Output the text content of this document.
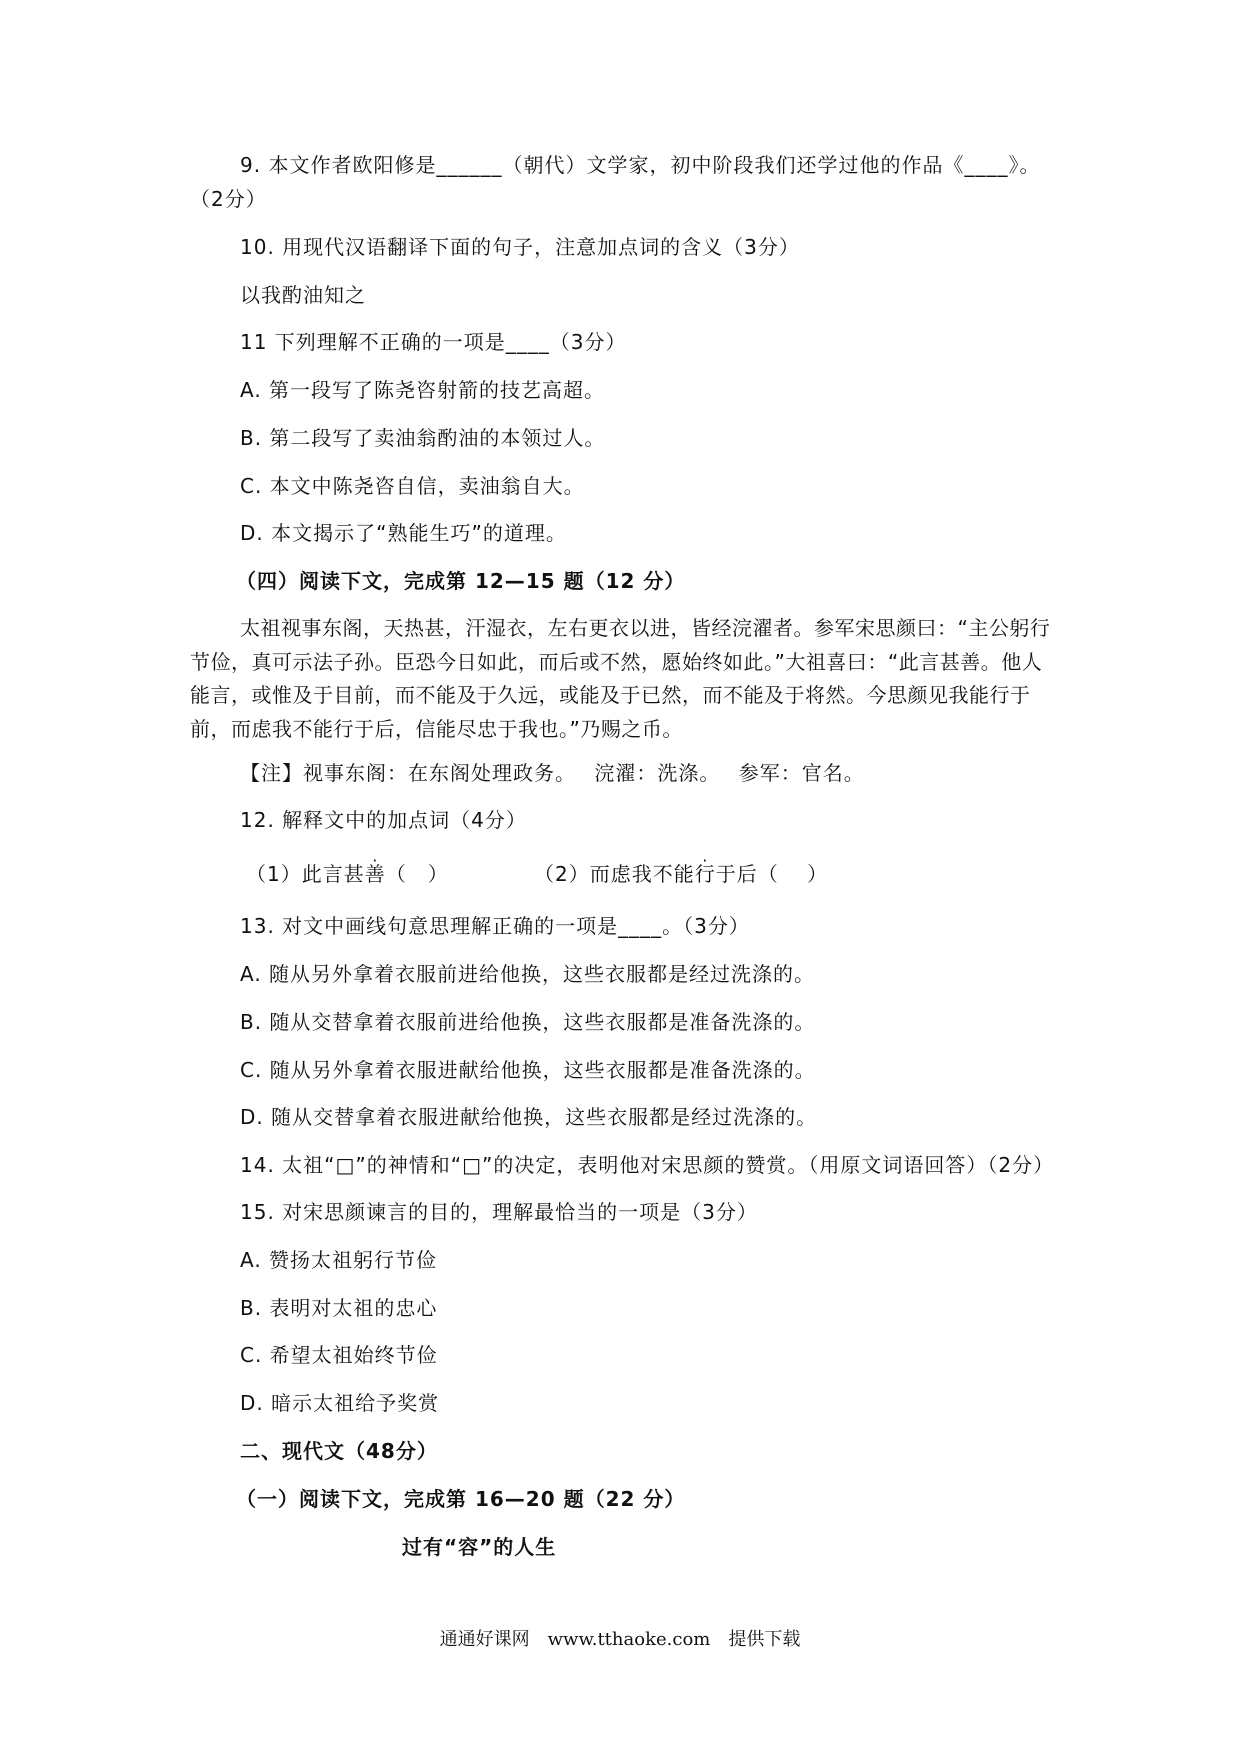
9. 本文作者欧阳修是______（朝代）文学家，初中阶段我们还学过他的作品《____》。
（2分）
10. 用现代汉语翻译下面的句子，注意加点词的含义（3分）
以我酌油知之
11 下列理解不正确的一项是____（3分）
A. 第一段写了陈尧咨射箭的技艺高超。
B. 第二段写了卖油翁酌油的本领过人。
C. 本文中陈尧咨自信，卖油翁自大。
D. 本文揭示了“熟能生巧”的道理。
（四）阅读下文，完成第 12—15 题（12 分）
太祖视事东阁，天热甚，汗湿衣，左右更衣以进，皆经浣濯者。参军宋思颜曰：“主公躬行节俭，真可示法子孙。臣恐今日如此，而后或不然，愿始终如此。”大祖喜曰：“此言甚善。他人能言，或惟及于目前，而不能及于久远，或能及于已然，而不能及于将然。今思颜见我能行于前，而虑我不能行于后，信能尽忠于我也。”乃赐之币。
【注】视事东阁：在东阁处理政务。　 浣濯：洗涤。　 参军：官名。
12. 解释文中的加点词（4分）
（1）此言甚善（　）	（2）而虑我不能行于后（　 ）
13. 对文中画线句意思理解正确的一项是____。（3分）
A. 随从另外拿着衣服前进给他换，这些衣服都是经过洗涤的。
B. 随从交替拿着衣服前进给他换，这些衣服都是准备洗涤的。
C. 随从另外拿着衣服进献给他换，这些衣服都是准备洗涤的。
D. 随从交替拿着衣服进献给他换，这些衣服都是经过洗涤的。
14. 太祖“□”的神情和“□”的决定，表明他对宋思颜的赞赏。（用原文词语回答）（2分）
15. 对宋思颜谏言的目的，理解最恰当的一项是（3分）
A. 赞扬太祖躬行节俭
B. 表明对太祖的忠心
C. 希望太祖始终节俭
D. 暗示太祖给予奖赏
二、现代文（48分）
（一）阅读下文，完成第 16—20 题（22 分）
过有“容”的人生
通通好课网　www.tthaoke.com　提供下载
